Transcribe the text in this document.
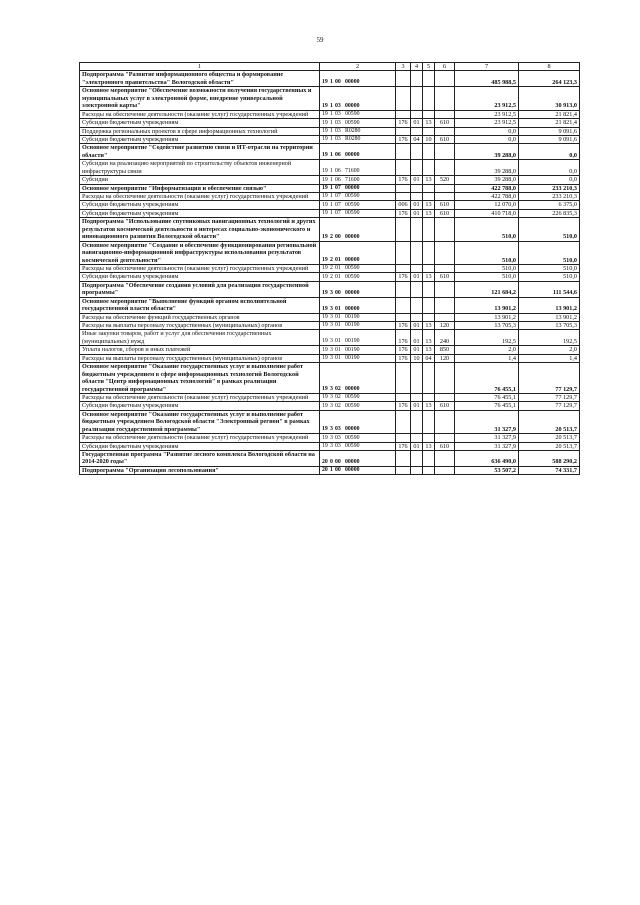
59
1	2	3	4	5	6	7	8
Подпрограмма "Развитие информационного общества и формирование "электронного правительства" Вологодской области"	19 1 00 00000					485 988,5	264 123,3
Основное мероприятие "Обеспечение возможности получения государственных и муниципальных услуг в электронной форме, внедрение универсальной электронной карты"	19 1 03 00000					23 912,5	30 913,0
Расходы на обеспечение деятельности (оказание услуг) государственных учреждений	19 1 03 00590					23 912,5	21 821,4
Субсидии бюджетным учреждениям	19 1 03 00590	176	01	13	610	23 912,5	21 821,4
Поддержка региональных проектов в сфере информационных технологий	19 1 03 R0280					0,0	9 091,6
Субсидии бюджетным учреждениям	19 1 03 R0280	176	04	10	610	0,0	9 091,6
Основное мероприятие "Содействие развитию связи и ИТ-отрасли на территории области"	19 1 06 00000					39 288,0	0,0
Субсидии на реализацию мероприятий по строительству объектов инженерной инфраструктуры связи	19 1 06 71600					39 288,0	0,0
Субсидии	19 1 06 71600	176	01	13	520	39 288,0	0,0
Основное мероприятие "Информатизация и обеспечение связью"	19 1 07 00000					422 788,0	233 210,3
Расходы на обеспечение деятельности (оказание услуг) государственных учреждений	19 1 07 00590					422 788,0	233 210,3
Субсидии бюджетным учреждениям	19 1 07 00590	006	01	13	610	12 070,0	6 375,0
Субсидии бюджетным учреждениям	19 1 07 00590	176	01	13	610	410 718,0	226 835,3
Подпрограмма "Использование спутниковых навигационных технологий и других результатов космической деятельности в интересах социально-экономического и инновационного развития Вологодской области"	19 2 00 00000					510,0	510,0
Основное мероприятие "Создание и обеспечение функционирования региональной навигационно-информационной инфраструктуры использования результатов космической деятельности"	19 2 01 00000					510,0	510,0
Расходы на обеспечение деятельности (оказание услуг) государственных учреждений	19 2 01 00590					510,0	510,0
Субсидии бюджетным учреждениям	19 2 01 00590	176	01	13	610	510,0	510,0
Подпрограмма "Обеспечение создания условий для реализации государственной программы"	19 3 00 00000					121 684,2	111 544,6
Основное мероприятие "Выполнение функций органом исполнительной государственной власти области"	19 3 01 00000					13 901,2	13 901,2
Расходы на обеспечение функций государственных органов	19 3 01 00190					13 901,2	13 901,2
Расходы на выплаты персоналу государственных (муниципальных) органов	19 3 01 00190	176	01	13	120	13 705,3	13 705,3
Иные закупки товаров, работ и услуг для обеспечения государственных (муниципальных) нужд	19 3 01 00190	176	01	13	240	192,5	192,5
Уплата налогов, сборов и иных платежей	19 3 01 00190	176	01	13	850	2,0	2,0
Расходы на выплаты персоналу государственных (муниципальных) органов	19 3 01 00190	176	10	04	120	1,4	1,4
Основное мероприятие "Оказание государственных услуг и выполнение работ бюджетным учреждением в сфере информационных технологий Вологодской области "Центр информационных технологий" в рамках реализации государственной программы"	19 3 02 00000					76 455,1	77 129,7
Расходы на обеспечение деятельности (оказание услуг) государственных учреждений	19 3 02 00590					76 455,1	77 129,7
Субсидии бюджетным учреждениям	19 3 02 00590	176	01	13	610	76 455,1	77 129,7
Основное мероприятие "Оказание государственных услуг и выполнение работ бюджетным учреждением Вологодской области "Электронный регион" в рамках реализации государственной программы"	19 3 03 00000					31 327,9	20 513,7
Расходы на обеспечение деятельности (оказание услуг) государственных учреждений	19 3 03 00590					31 327,9	20 513,7
Субсидии бюджетным учреждениям	19 3 03 00590	176	01	13	610	31 327,9	20 513,7
Государственная программа "Развитие лесного комплекса Вологодской области на 2014-2020 годы"	20 0 00 00000					636 490,0	588 290,2
Подпрограмма "Организация лесопользования"	20 1 00 00000					53 507,2	74 331,7
